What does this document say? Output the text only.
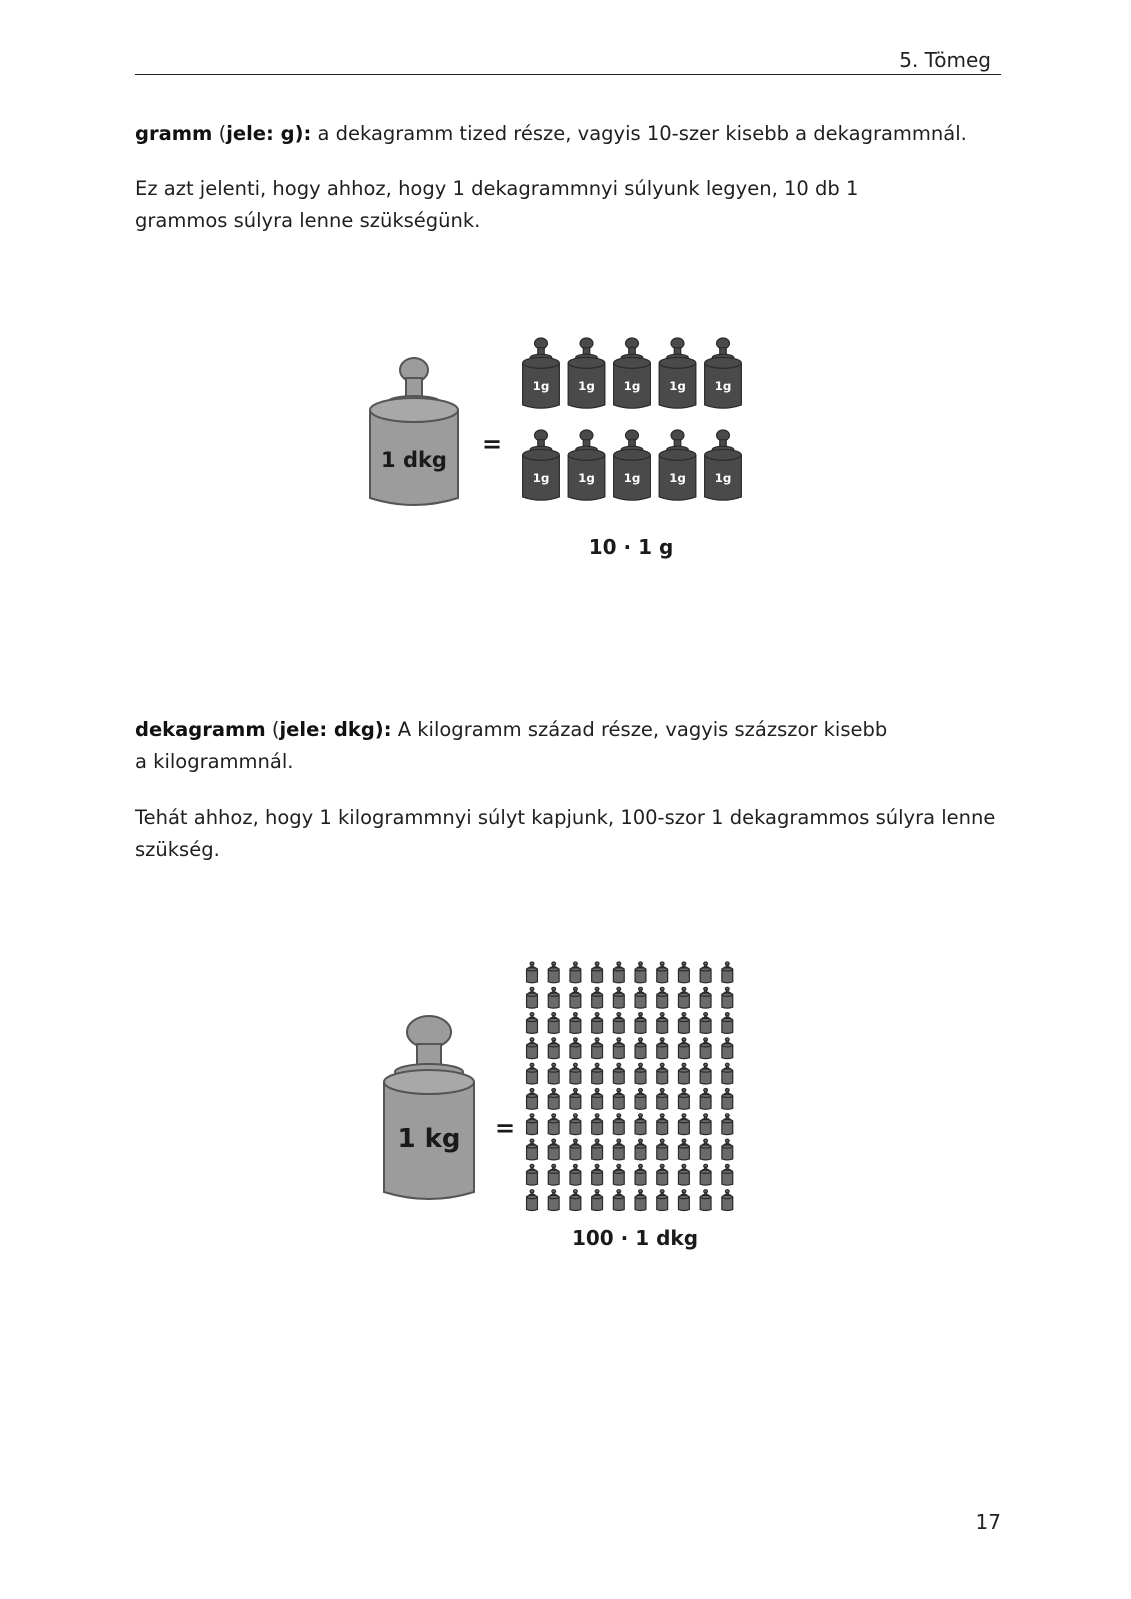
5. Tömeg

gramm (jele: g): a dekagramm tized része, vagyis 10-szer kisebb a dekagrammnál.

Ez azt jelenti, hogy ahhoz, hogy 1 dekagrammnyi súlyunk legyen, 10 db 1 grammos súlyra lenne szükségünk.

1 dkg
=
1g 1g 1g 1g 1g
1g 1g 1g 1g 1g
10 · 1 g

dekagramm (jele: dkg): A kilogramm század része, vagyis százszor kisebb a kilogrammnál.

Tehát ahhoz, hogy 1 kilogrammnyi súlyt kapjunk, 100-szor 1 dekagrammos súlyra lenne szükség.

1 kg =
100 · 1 dkg
17
